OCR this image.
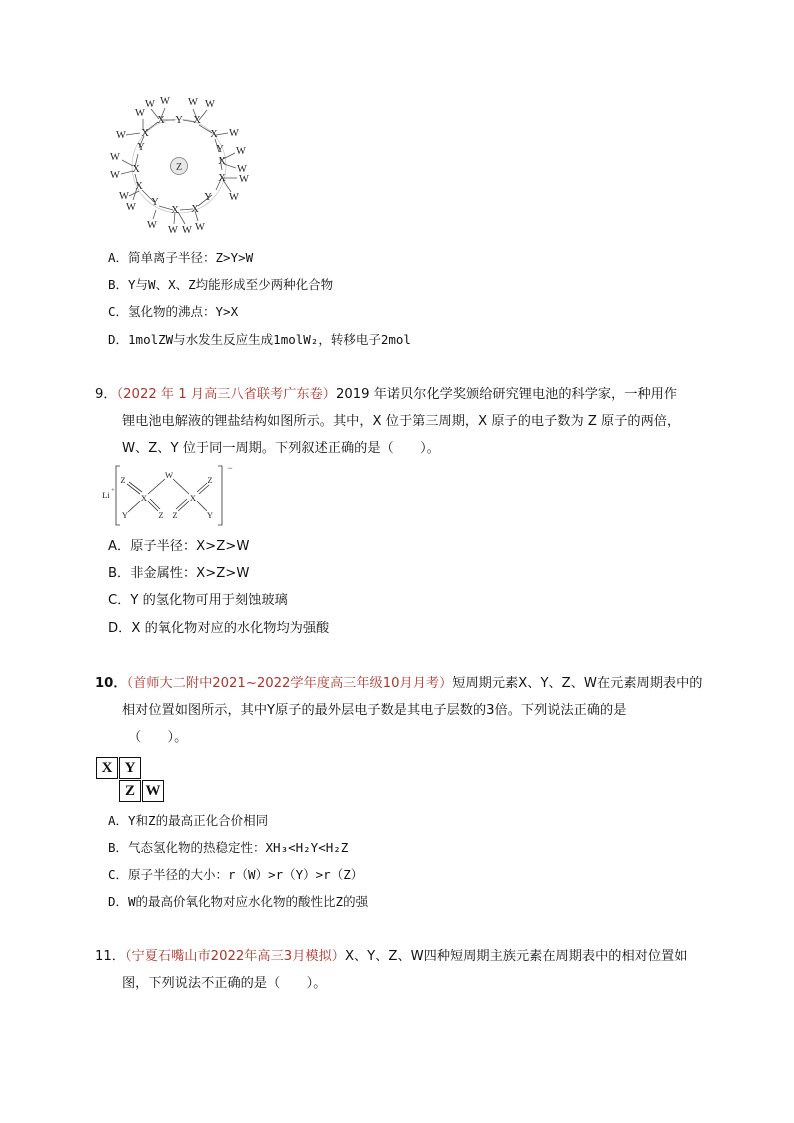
X
X	X
X
X
X
X
X
X
X
Y
Y
Y
Y
Y
W W
W
W
W W
W
W
W
W
W
W
W W
W
W
W
W
W
Z
A．简单离子半径：Z>Y>W
B．Y与W、X、Z均能形成至少两种化合物
C．氢化物的沸点：Y>X
D．1molZW与水发生反应生成1molW₂，转移电子2mol
9．（2022 年 1 月高三八省联考广东卷）2019 年诺贝尔化学奖颁给研究锂电池的科学家，一种用作
锂电池电解液的锂盐结构如图所示。其中，X 位于第三周期，X 原子的电子数为 Z 原子的两倍，
W、Z、Y 位于同一周期。下列叙述正确的是（　　）。
Li +
Z
Y
X
Z
W
Z
X
Z
Y
−
A．原子半径：X>Z>W
B．非金属性：X>Z>W
C．Y 的氢化物可用于刻蚀玻璃
D．X 的氧化物对应的水化物均为强酸
10．（首师大二附中2021~2022学年度高三年级10月月考）短周期元素X、Y、Z、W在元素周期表中的
相对位置如图所示，其中Y原子的最外层电子数是其电子层数的3倍。下列说法正确的是
（　　）。
X Y
Z W
A．Y和Z的最高正化合价相同
B．气态氢化物的热稳定性：XH₃<H₂Y<H₂Z
C．原子半径的大小：r（W）>r（Y）>r（Z）
D．W的最高价氧化物对应水化物的酸性比Z的强
11．（宁夏石嘴山市2022年高三3月模拟）X、Y、Z、W四种短周期主族元素在周期表中的相对位置如
图，下列说法不正确的是（　　）。
